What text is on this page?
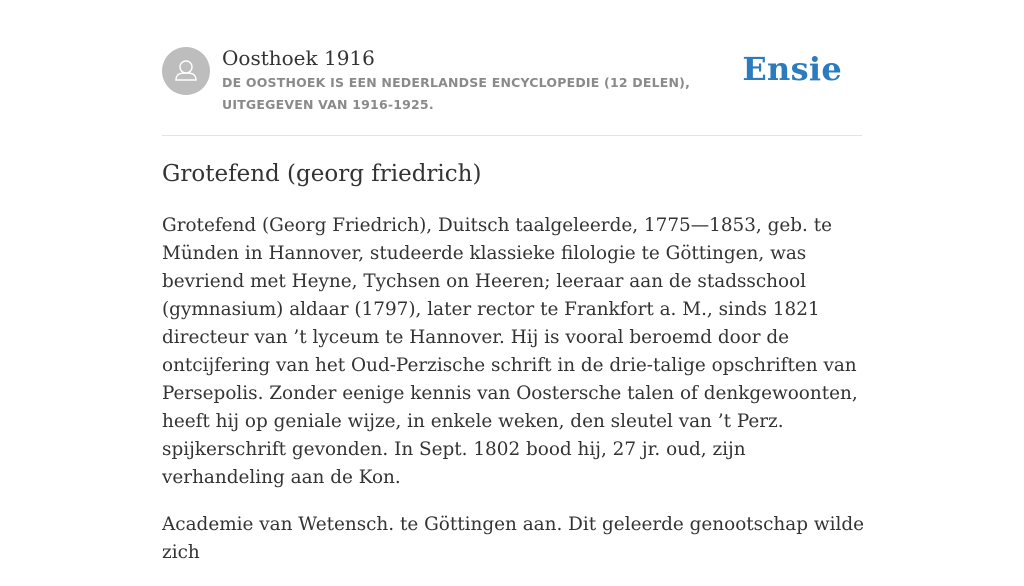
Oosthoek 1916

DE OOSTHOEK IS EEN NEDERLANDSE ENCYCLOPEDIE (12 DELEN), UITGEGEVEN VAN 1916-1925.

Ensie
Grotefend (georg friedrich)

Grotefend (Georg Friedrich), Duitsch taalgeleerde, 1775—1853, geb. te Münden in Hannover, studeerde klassieke filologie te Göttingen, was bevriend met Heyne, Tychsen on Heeren; leeraar aan de stadsschool (gymnasium) aldaar (1797), later rector te Frankfort a. M., sinds 1821 directeur van ’t lyceum te Hannover. Hij is vooral beroemd door de ontcijfering van het Oud-Perzische schrift in de drie-talige opschriften van Persepolis. Zonder eenige kennis van Oostersche talen of denkgewoonten, heeft hij op geniale wijze, in enkele weken, den sleutel van ’t Perz. spijkerschrift gevonden. In Sept. 1802 bood hij, 27 jr. oud, zijn verhandeling aan de Kon.

Academie van Wetensch. te Göttingen aan. Dit geleerde genootschap wilde zich
